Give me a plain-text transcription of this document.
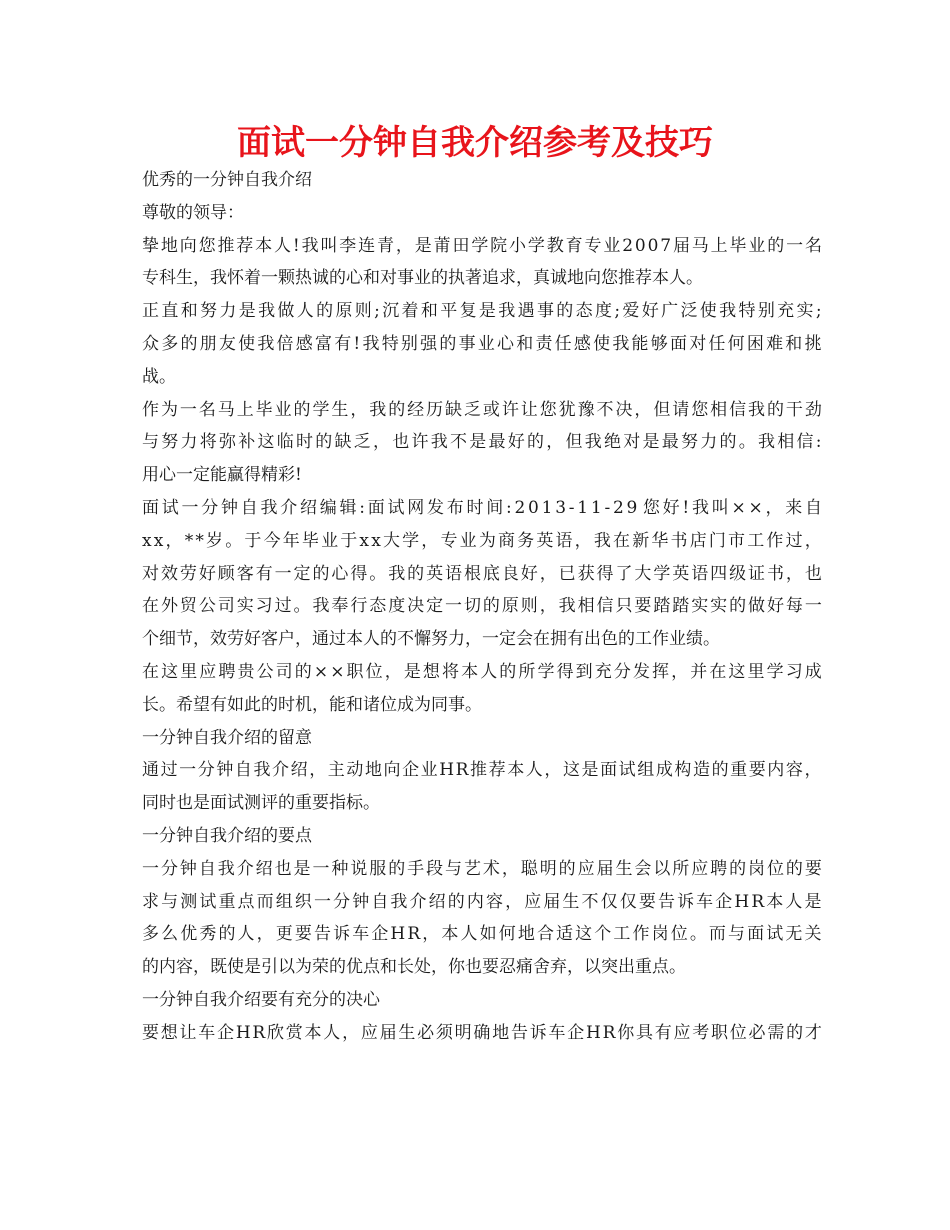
面试一分钟自我介绍参考及技巧
优秀的一分钟自我介绍
尊敬的领导：
挚 地 向 您 推 荐 本 人 ! 我 叫 李 连 青 ， 是 莆 田 学 院 小 学 教 育 专 业 2 0 0 7 届 马 上 毕 业 的 一 名
专科生，我怀着一颗热诚的心和对事业的执著追求，真诚地向您推荐本人。
正 直 和 努 力 是 我 做 人 的 原 则 ; 沉 着 和 平 复 是 我 遇 事 的 态 度 ; 爱 好 广 泛 使 我 特 别 充 实 ;
众 多 的 朋 友 使 我 倍 感 富 有 ! 我 特 别 强 的 事 业 心 和 责 任 感 使 我 能 够 面 对 任 何 困 难 和 挑
战。
作 为 一 名 马 上 毕 业 的 学 生 ， 我 的 经 历 缺 乏 或 许 让 您 犹 豫 不 决 ， 但 请 您 相 信 我 的 干 劲
与 努 力 将 弥 补 这 临 时 的 缺 乏 ， 也 许 我 不 是 最 好 的 ， 但 我 绝 对 是 最 努 力 的 。 我 相 信 :
用心一定能赢得精彩!
面 试 一 分 钟 自 我 介 绍 编 辑 : 面 试 网 发 布 时 间 : 2 0 1 3 - 1 1 - 2 9 您 好 ! 我 叫 × × ， 来 自
x x ， * * 岁 。 于 今 年 毕 业 于 x x 大 学 ， 专 业 为 商 务 英 语 ， 我 在 新 华 书 店 门 市 工 作 过 ，
对 效 劳 好 顾 客 有 一 定 的 心 得 。 我 的 英 语 根 底 良 好 ， 已 获 得 了 大 学 英 语 四 级 证 书 ， 也
在 外 贸 公 司 实 习 过 。 我 奉 行 态 度 决 定 一 切 的 原 则 ， 我 相 信 只 要 踏 踏 实 实 的 做 好 每 一
个细节，效劳好客户，通过本人的不懈努力，一定会在拥有出色的工作业绩。
在 这 里 应 聘 贵 公 司 的 × × 职 位 ， 是 想 将 本 人 的 所 学 得 到 充 分 发 挥 ， 并 在 这 里 学 习 成
长。希望有如此的时机，能和诸位成为同事。
一分钟自我介绍的留意
通 过 一 分 钟 自 我 介 绍 ， 主 动 地 向 企 业 H R 推 荐 本 人 ， 这 是 面 试 组 成 构 造 的 重 要 内 容 ，
同时也是面试测评的重要指标。
一分钟自我介绍的要点
一 分 钟 自 我 介 绍 也 是 一 种 说 服 的 手 段 与 艺 术 ， 聪 明 的 应 届 生 会 以 所 应 聘 的 岗 位 的 要
求 与 测 试 重 点 而 组 织 一 分 钟 自 我 介 绍 的 内 容 ， 应 届 生 不 仅 仅 要 告 诉 车 企 H R 本 人 是
多 么 优 秀 的 人 ， 更 要 告 诉 车 企 H R ， 本 人 如 何 地 合 适 这 个 工 作 岗 位 。 而 与 面 试 无 关
的内容，既使是引以为荣的优点和长处，你也要忍痛舍弃，以突出重点。
一分钟自我介绍要有充分的决心
要 想 让 车 企 H R 欣 赏 本 人 ， 应 届 生 必 须 明 确 地 告 诉 车 企 H R 你 具 有 应 考 职 位 必 需 的 才
